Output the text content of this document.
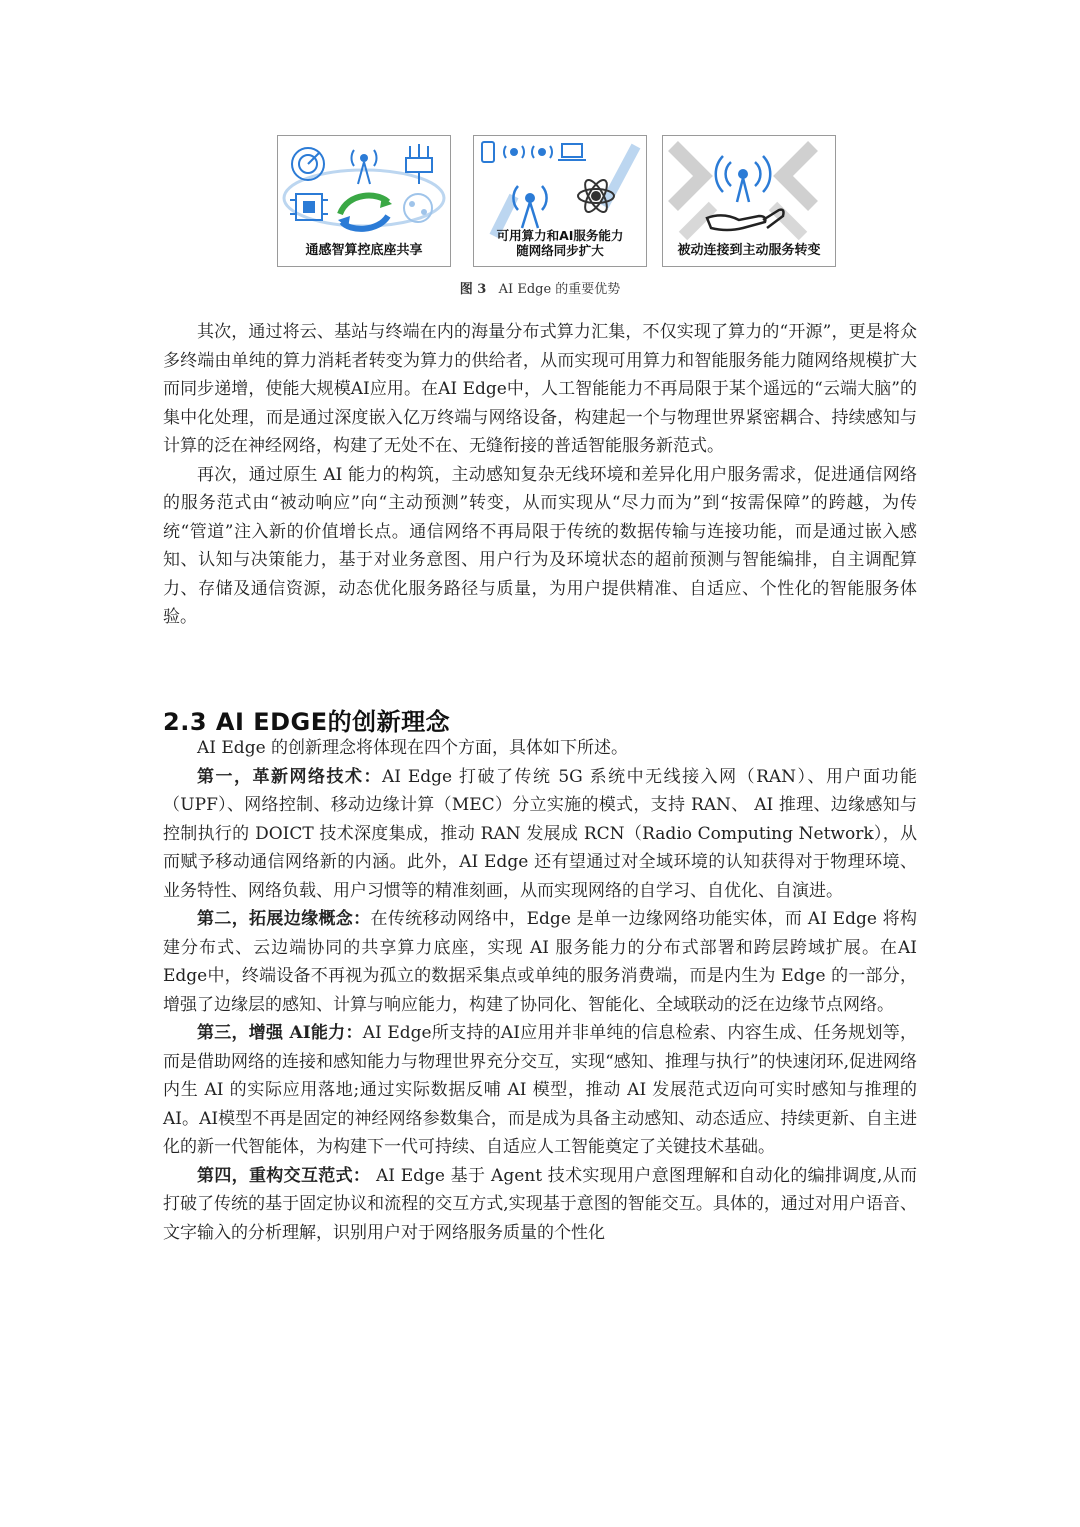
通感智算控底座共享
可用算力和AI服务能力
随网络同步扩大	被动连接到主动服务转变
图 3 AI Edge 的重要优势

其次，通过将云、基站与终端在内的海量分布式算力汇集，不仅实现了算力的“开源”，更是将众多终端由单纯的算力消耗者转变为算力的供给者，从而实现可用算力和智能服务能力随网络规模扩大而同步递增，使能大规模AI应用。在AI Edge中，人工智能能力不再局限于某个遥远的“云端大脑”的集中化处理，而是通过深度嵌入亿万终端与网络设备，构建起一个与物理世界紧密耦合、持续感知与计算的泛在神经网络，构建了无处不在、无缝衔接的普适智能服务新范式。

再次，通过原生 AI 能力的构筑，主动感知复杂无线环境和差异化用户服务需求，促进通信网络的服务范式由“被动响应”向“主动预测”转变，从而实现从“尽力而为”到“按需保障”的跨越，为传统“管道”注入新的价值增长点。通信网络不再局限于传统的数据传输与连接功能，而是通过嵌入感知、认知与决策能力，基于对业务意图、用户行为及环境状态的超前预测与智能编排，自主调配算力、存储及通信资源，动态优化服务路径与质量，为用户提供精准、自适应、个性化的智能服务体验。

2.3 AI EDGE的创新理念

AI Edge 的创新理念将体现在四个方面，具体如下所述。

第一，革新网络技术：AI Edge 打破了传统 5G 系统中无线接入网（RAN）、用户面功能（UPF）、网络控制、移动边缘计算（MEC）分立实施的模式，支持 RAN、 AI 推理、边缘感知与控制执行的 DOICT 技术深度集成，推动 RAN 发展成 RCN（Radio Computing Network），从而赋予移动通信网络新的内涵。此外，AI Edge 还有望通过对全域环境的认知获得对于物理环境、业务特性、网络负载、用户习惯等的精准刻画，从而实现网络的自学习、自优化、自演进。

第二，拓展边缘概念：在传统移动网络中，Edge 是单一边缘网络功能实体，而 AI Edge 将构建分布式、云边端协同的共享算力底座，实现 AI 服务能力的分布式部署和跨层跨域扩展。在AI Edge中，终端设备不再视为孤立的数据采集点或单纯的服务消费端，而是内生为 Edge 的一部分，增强了边缘层的感知、计算与响应能力，构建了协同化、智能化、全域联动的泛在边缘节点网络。

第三，增强 AI能力：AI Edge所支持的AI应用并非单纯的信息检索、内容生成、任务规划等，而是借助网络的连接和感知能力与物理世界充分交互，实现“感知、推理与执行”的快速闭环,促进网络内生 AI 的实际应用落地;通过实际数据反哺 AI 模型，推动 AI 发展范式迈向可实时感知与推理的 AI。AI模型不再是固定的神经网络参数集合，而是成为具备主动感知、动态适应、持续更新、自主进化的新一代智能体，为构建下一代可持续、自适应人工智能奠定了关键技术基础。

第四，重构交互范式： AI Edge 基于 Agent 技术实现用户意图理解和自动化的编排调度,从而打破了传统的基于固定协议和流程的交互方式,实现基于意图的智能交互。具体的，通过对用户语音、文字输入的分析理解，识别用户对于网络服务质量的个性化
